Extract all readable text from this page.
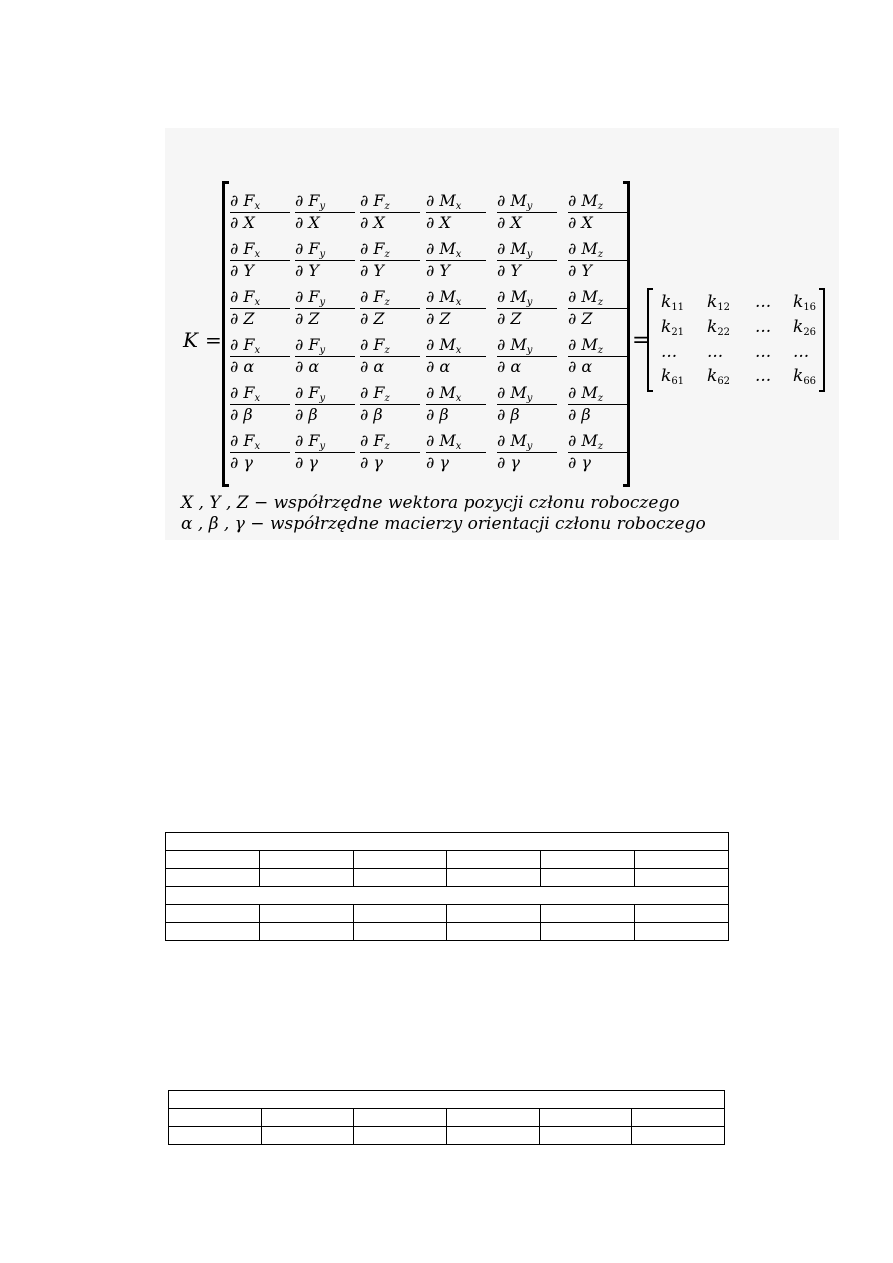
K =
$\frac{\partial F_x}{\partial X} \frac{\partial F_y}{\partial X} \frac{\partial F_z}{\partial X} \frac{\partial M_x}{\partial X} \frac{\partial M_y}{\partial X} \frac{\partial M_z}{\partial X}$
$\frac{\partial F_x}{\partial Y} \frac{\partial F_y}{\partial Y} \frac{\partial F_z}{\partial Y} \frac{\partial M_x}{\partial Y} \frac{\partial M_y}{\partial Y} \frac{\partial M_z}{\partial Y}$
$\frac{\partial F_x}{\partial Z} \frac{\partial F_y}{\partial Z} \frac{\partial F_z}{\partial Z} \frac{\partial M_x}{\partial Z} \frac{\partial M_y}{\partial Z} \frac{\partial M_z}{\partial Z}$
$\frac{\partial F_x}{\partial \alpha} \frac{\partial F_y}{\partial \alpha} \frac{\partial F_z}{\partial \alpha} \frac{\partial M_x}{\partial \alpha} \frac{\partial M_y}{\partial \alpha} \frac{\partial M_z}{\partial \alpha}$
$\frac{\partial F_x}{\partial \beta} \frac{\partial F_y}{\partial \beta} \frac{\partial F_z}{\partial \beta} \frac{\partial M_x}{\partial \beta} \frac{\partial M_y}{\partial \beta} \frac{\partial M_z}{\partial \beta}$
$\frac{\partial F_x}{\partial \gamma} \frac{\partial F_y}{\partial \gamma} \frac{\partial F_z}{\partial \gamma} \frac{\partial M_x}{\partial \gamma} \frac{\partial M_y}{\partial \gamma} \frac{\partial M_z}{\partial \gamma}$
=
$k_{11}$ $k_{12}$ ... $k_{16}$
$k_{21}$ $k_{22}$ ... $k_{26}$
... ... ... ...
$k_{61}$ $k_{62}$ ... $k_{66}$
X , Y , Z − współrzędne wektora pozycji członu roboczego
α , β , γ − współrzędne macierzy orientacji członu roboczego
